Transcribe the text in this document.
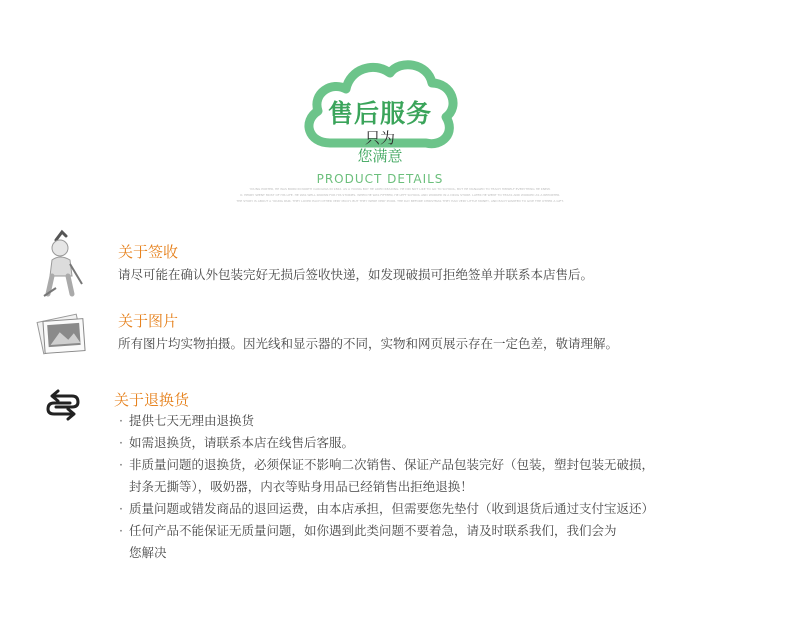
售后服务
只为
您满意
PRODUCT DETAILS
YOUNG PORTER, HE WAS BORN IN NORTH CAROLINA IN 1862. AS A YOUNG BOY HE LIKED READING. HE DID NOT LIKE TO GO TO SCHOOL, BUT HE MANAGED TO TEACH HIMSELF EVERYTHING HE KNEW.
O. HENRY SPENT MOST OF HIS LIFE. HE WAS WELL KNOWN FOR HIS STORIES. WHEN HE WAS FIFTEEN, HE LEFT SCHOOL AND WORKED IN A DRUG STORE. LATER HE WENT TO TEXAS AND WORKED AS A REPORTER.
THE STORY IS ABOUT A YOUNG PAIR. THEY LOVED EACH OTHER VERY MUCH. BUT THEY WERE VERY POOR. THE DAY BEFORE CHRISTMAS THEY HAD VERY LITTLE MONEY, AND EACH WANTED TO GIVE THE OTHER A GIFT.
关于签收
请尽可能在确认外包装完好无损后签收快递，如发现破损可拒绝签单并联系本店售后。
关于图片
所有图片均实物拍摄。因光线和显示器的不同，实物和网页展示存在一定色差，敬请理解。
关于退换货
· 提供七天无理由退换货
· 如需退换货，请联系本店在线售后客服。
· 非质量问题的退换货，必须保证不影响二次销售、保证产品包装完好（包装，塑封包装无破损，
封条无撕等），吸奶器，内衣等贴身用品已经销售出拒绝退换！
· 质量问题或错发商品的退回运费，由本店承担，但需要您先垫付（收到退货后通过支付宝返还）
· 任何产品不能保证无质量问题，如你遇到此类问题不要着急，请及时联系我们，我们会为
您解决
